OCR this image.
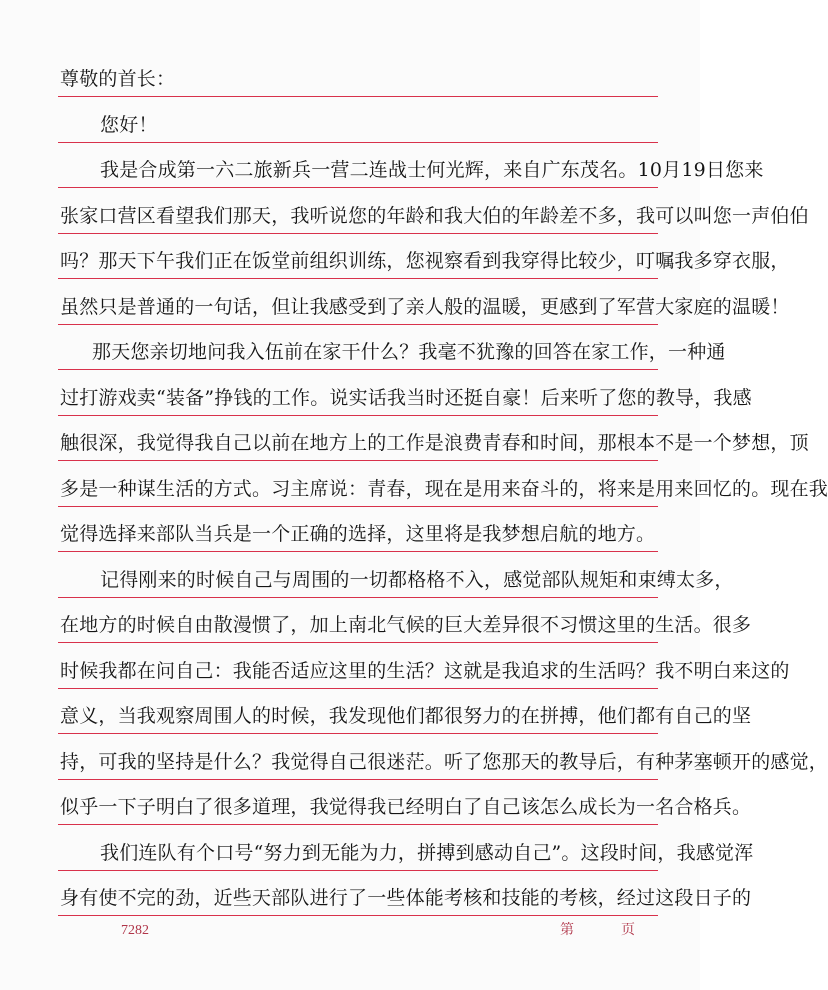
尊敬的首长：
您好！
我是合成第一六二旅新兵一营二连战士何光辉，来自广东茂名。10月19日您来
张家口营区看望我们那天，我听说您的年龄和我大伯的年龄差不多，我可以叫您一声伯伯
吗？那天下午我们正在饭堂前组织训练，您视察看到我穿得比较少，叮嘱我多穿衣服，
虽然只是普通的一句话，但让我感受到了亲人般的温暖，更感到了军营大家庭的温暖！
那天您亲切地问我入伍前在家干什么？我毫不犹豫的回答在家工作，一种通
过打游戏卖“装备”挣钱的工作。说实话我当时还挺自豪！后来听了您的教导，我感
触很深，我觉得我自己以前在地方上的工作是浪费青春和时间，那根本不是一个梦想，顶
多是一种谋生活的方式。习主席说：青春，现在是用来奋斗的，将来是用来回忆的。现在我
觉得选择来部队当兵是一个正确的选择，这里将是我梦想启航的地方。
记得刚来的时候自己与周围的一切都格格不入，感觉部队规矩和束缚太多，
在地方的时候自由散漫惯了，加上南北气候的巨大差异很不习惯这里的生活。很多
时候我都在问自己：我能否适应这里的生活？这就是我追求的生活吗？我不明白来这的
意义，当我观察周围人的时候，我发现他们都很努力的在拼搏，他们都有自己的坚
持，可我的坚持是什么？我觉得自己很迷茫。听了您那天的教导后，有种茅塞顿开的感觉，
似乎一下子明白了很多道理，我觉得我已经明白了自己该怎么成长为一名合格兵。
我们连队有个口号“努力到无能为力，拼搏到感动自己”。这段时间，我感觉浑
身有使不完的劲，近些天部队进行了一些体能考核和技能的考核，经过这段日子的
7282	第	页
